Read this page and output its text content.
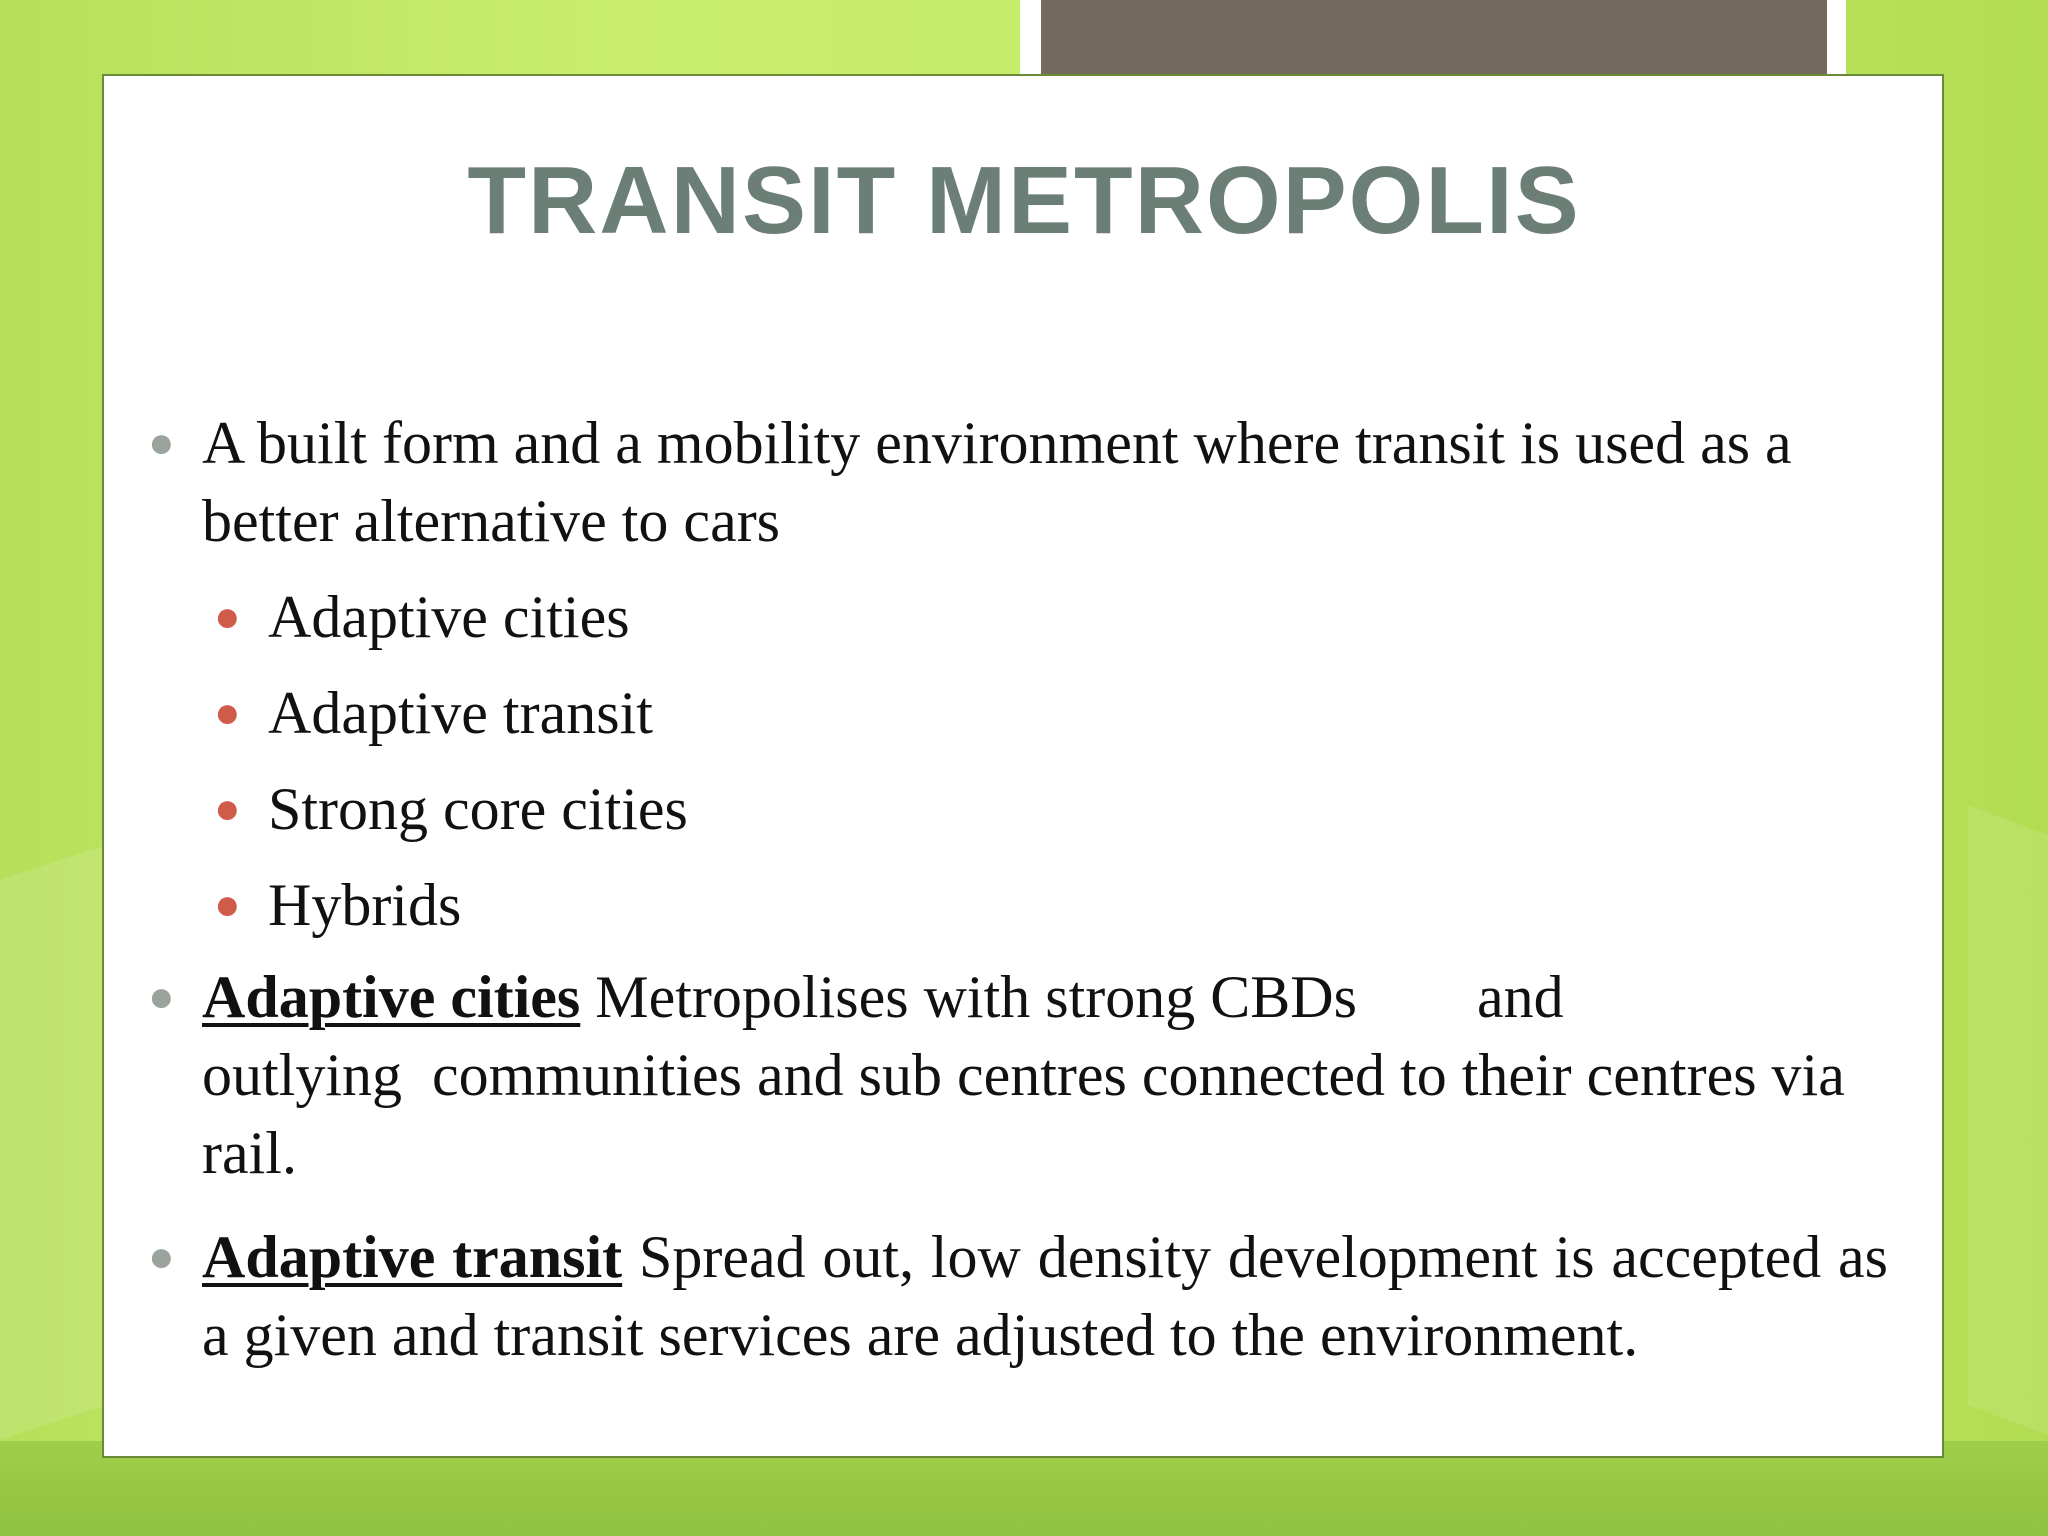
TRANSIT METROPOLIS
● A built form and a mobility environment where transit is used as a better alternative to cars
● Adaptive cities
● Adaptive transit
● Strong core cities
● Hybrids
● Adaptive cities Metropolises with strong CBDs        and
outlying  communities and sub centres connected to their centres via rail.
● Adaptive transit Spread out, low density development is accepted as a given and transit services are adjusted to the environment.
